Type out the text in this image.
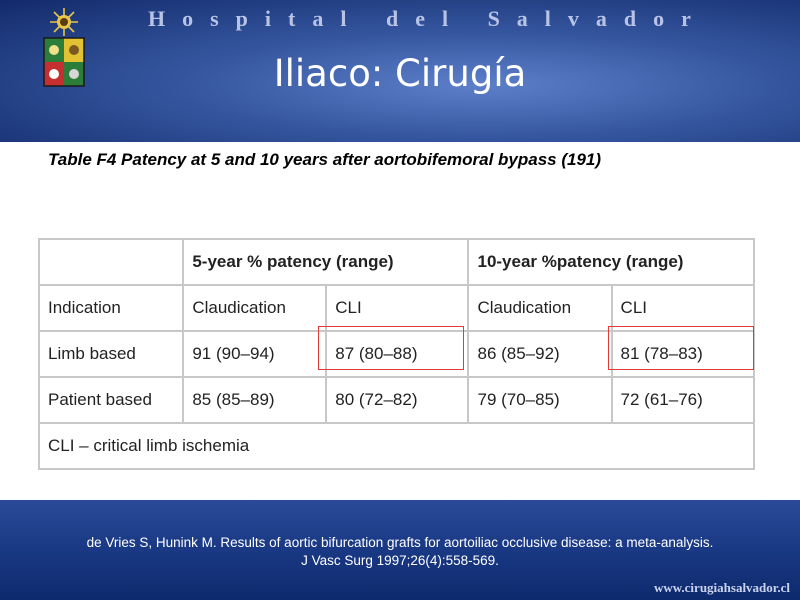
Hospital del Salvador
Iliaco: Cirugía
Table F4 Patency at 5 and 10 years after aortobifemoral bypass (191)
	5-year % patency (range)		10-year %patency (range)	
Indication	Claudication	CLI	Claudication	CLI
Limb based	91 (90–94)	87 (80–88)	86 (85–92)	81 (78–83)
Patient based	85 (85–89)	80 (72–82)	79 (70–85)	72 (61–76)
CLI – critical limb ischemia				
de Vries S, Hunink M. Results of aortic bifurcation grafts for aortoiliac occlusive disease: a meta-analysis.
J Vasc Surg 1997;26(4):558-569.
www.cirugiahsalvador.cl
